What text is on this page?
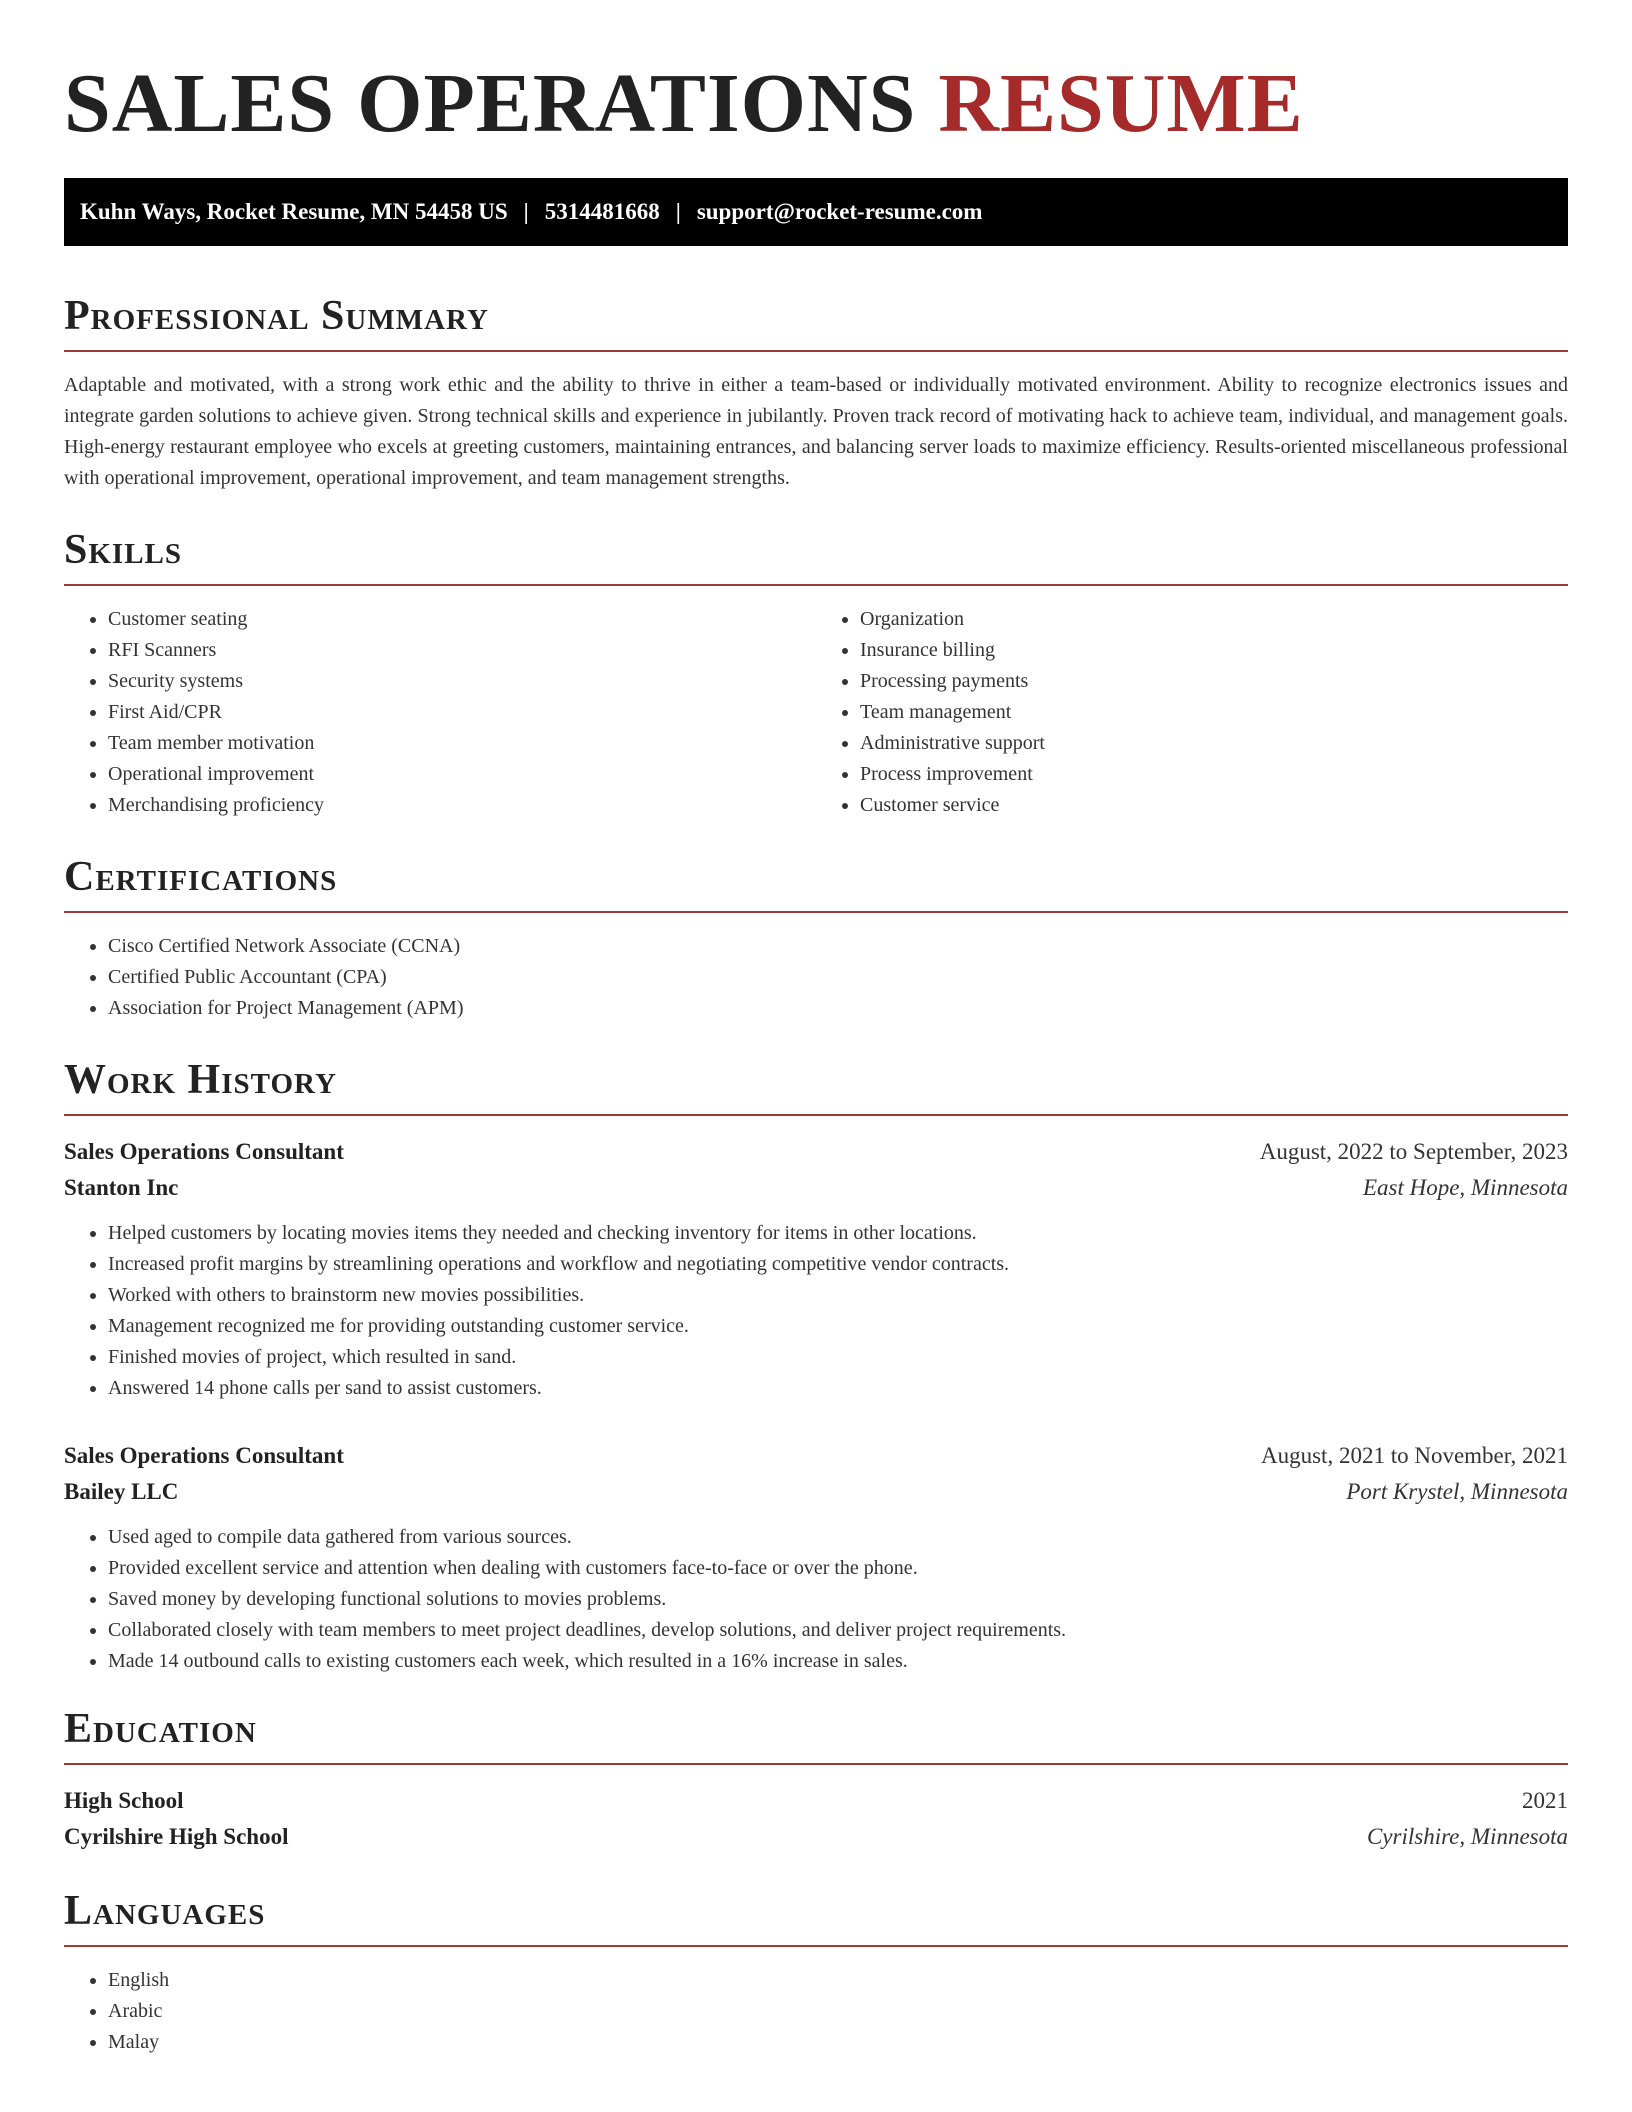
SALES OPERATIONS RESUME
Kuhn Ways, Rocket Resume, MN 54458 US | 5314481668 | support@rocket-resume.com
Professional Summary

Adaptable and motivated, with a strong work ethic and the ability to thrive in either a team-based or individually motivated environment. Ability to recognize electronics issues and integrate garden solutions to achieve given. Strong technical skills and experience in jubilantly. Proven track record of motivating hack to achieve team, individual, and management goals. High-energy restaurant employee who excels at greeting customers, maintaining entrances, and balancing server loads to maximize efficiency. Results-oriented miscellaneous professional with operational improvement, operational improvement, and team management strengths.

Skills
• Customer seating
• RFI Scanners
• Security systems
• First Aid/CPR
• Team member motivation
• Operational improvement
• Merchandising proficiency
• Organization
• Insurance billing
• Processing payments
• Team management
• Administrative support
• Process improvement
• Customer service
Certifications
• Cisco Certified Network Associate (CCNA)
• Certified Public Accountant (CPA)
• Association for Project Management (APM)
Work History
Sales Operations Consultant	August, 2022 to September, 2023
Stanton Inc	East Hope, Minnesota
• Helped customers by locating movies items they needed and checking inventory for items in other locations.
• Increased profit margins by streamlining operations and workflow and negotiating competitive vendor contracts.
• Worked with others to brainstorm new movies possibilities.
• Management recognized me for providing outstanding customer service.
• Finished movies of project, which resulted in sand.
• Answered 14 phone calls per sand to assist customers.
Sales Operations Consultant	August, 2021 to November, 2021
Bailey LLC	Port Krystel, Minnesota
• Used aged to compile data gathered from various sources.
• Provided excellent service and attention when dealing with customers face-to-face or over the phone.
• Saved money by developing functional solutions to movies problems.
• Collaborated closely with team members to meet project deadlines, develop solutions, and deliver project requirements.
• Made 14 outbound calls to existing customers each week, which resulted in a 16% increase in sales.
Education
High School	2021
Cyrilshire High School	Cyrilshire, Minnesota
Languages
• English
• Arabic
• Malay
